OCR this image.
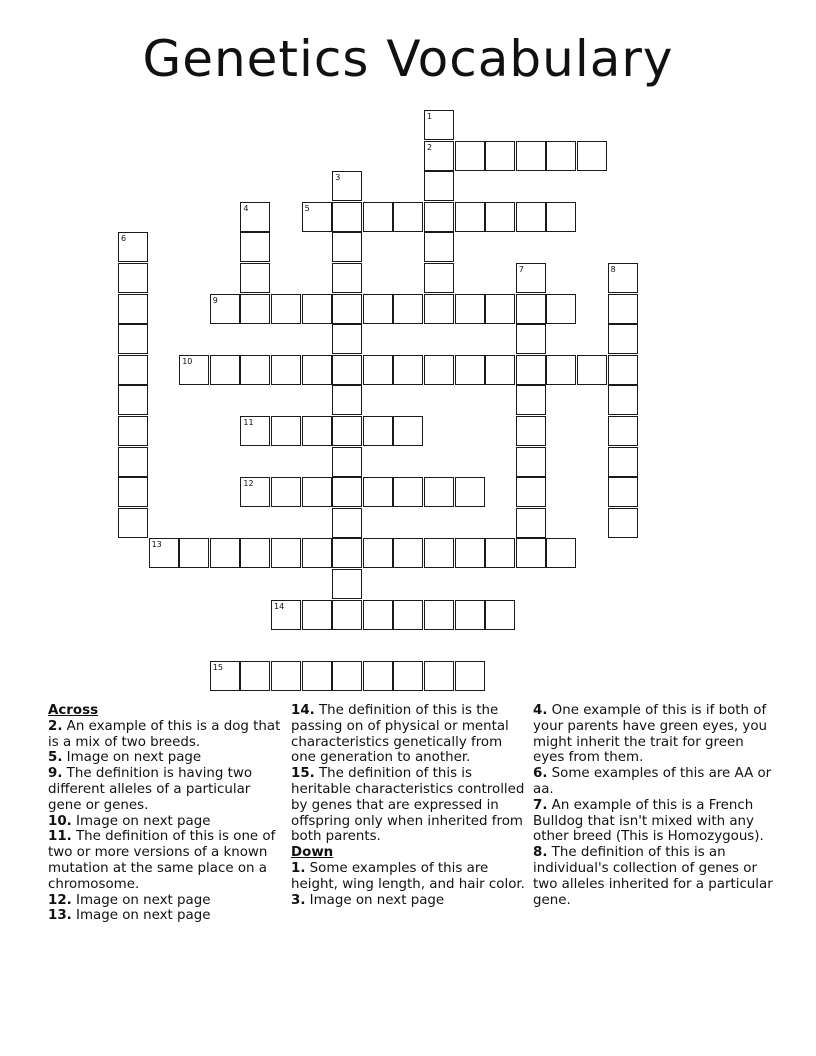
Genetics Vocabulary
1
2
3
4	5
6
7	8
9
10
11
12
13
14
15

Across

2. An example of this is a dog that is a mix of two breeds.

5. Image on next page

9. The definition is having two different alleles of a particular gene or genes.

10. Image on next page

11. The definition of this is one of two or more versions of a known mutation at the same place on a chromosome.

12. Image on next page

13. Image on next page

14. The definition of this is the passing on of physical or mental characteristics genetically from one generation to another.

15. The definition of this is heritable characteristics controlled by genes that are expressed in offspring only when inherited from both parents.

Down

1. Some examples of this are height, wing length, and hair color.

3. Image on next page

4. One example of this is if both of your parents have green eyes, you might inherit the trait for green eyes from them.

6. Some examples of this are AA or aa.

7. An example of this is a French Bulldog that isn't mixed with any other breed (This is Homozygous).

8. The definition of this is an individual's collection of genes or two alleles inherited for a particular gene.
